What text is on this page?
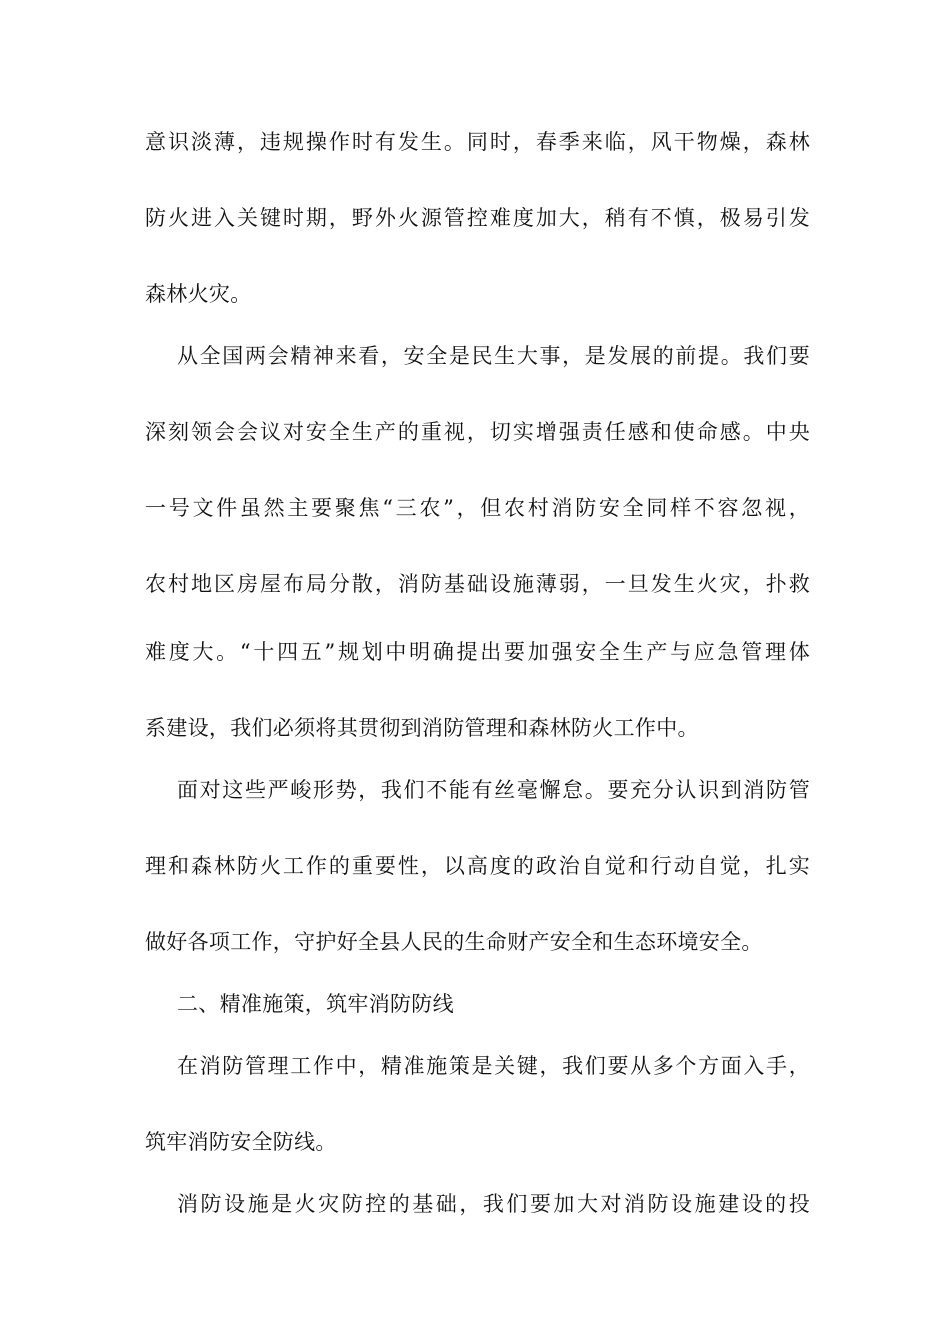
意识淡薄，违规操作时有发生。同时，春季来临，风干物燥，森林
防火进入关键时期，野外火源管控难度加大，稍有不慎，极易引发
森林火灾。
从全国两会精神来看，安全是民生大事，是发展的前提。我们要
深刻领会会议对安全生产的重视，切实增强责任感和使命感。中央
一号文件虽然主要聚焦“三农”，但农村消防安全同样不容忽视，
农村地区房屋布局分散，消防基础设施薄弱，一旦发生火灾，扑救
难度大。“十四五”规划中明确提出要加强安全生产与应急管理体
系建设，我们必须将其贯彻到消防管理和森林防火工作中。
面对这些严峻形势，我们不能有丝毫懈怠。要充分认识到消防管
理和森林防火工作的重要性，以高度的政治自觉和行动自觉，扎实
做好各项工作，守护好全县人民的生命财产安全和生态环境安全。
二、精准施策，筑牢消防防线
在消防管理工作中，精准施策是关键，我们要从多个方面入手，
筑牢消防安全防线。
消防设施是火灾防控的基础，我们要加大对消防设施建设的投
